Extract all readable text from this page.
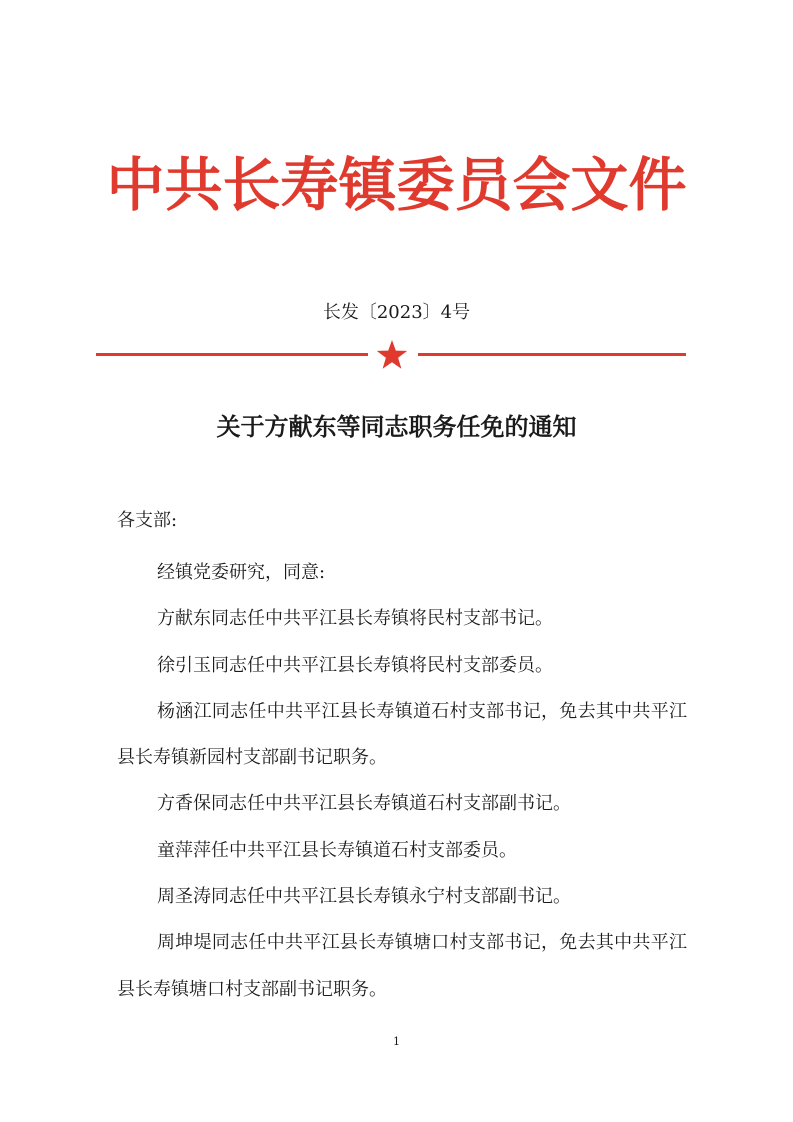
中共长寿镇委员会文件
长发〔2023〕4号
关于方献东等同志职务任免的通知
各支部:

经镇党委研究，同意:

方献东同志任中共平江县长寿镇将民村支部书记。

徐引玉同志任中共平江县长寿镇将民村支部委员。

杨涵江同志任中共平江县长寿镇道石村支部书记，免去其中共平江县长寿镇新园村支部副书记职务。

方香保同志任中共平江县长寿镇道石村支部副书记。

童萍萍任中共平江县长寿镇道石村支部委员。

周圣涛同志任中共平江县长寿镇永宁村支部副书记。

周坤堤同志任中共平江县长寿镇塘口村支部书记，免去其中共平江县长寿镇塘口村支部副书记职务。

1
